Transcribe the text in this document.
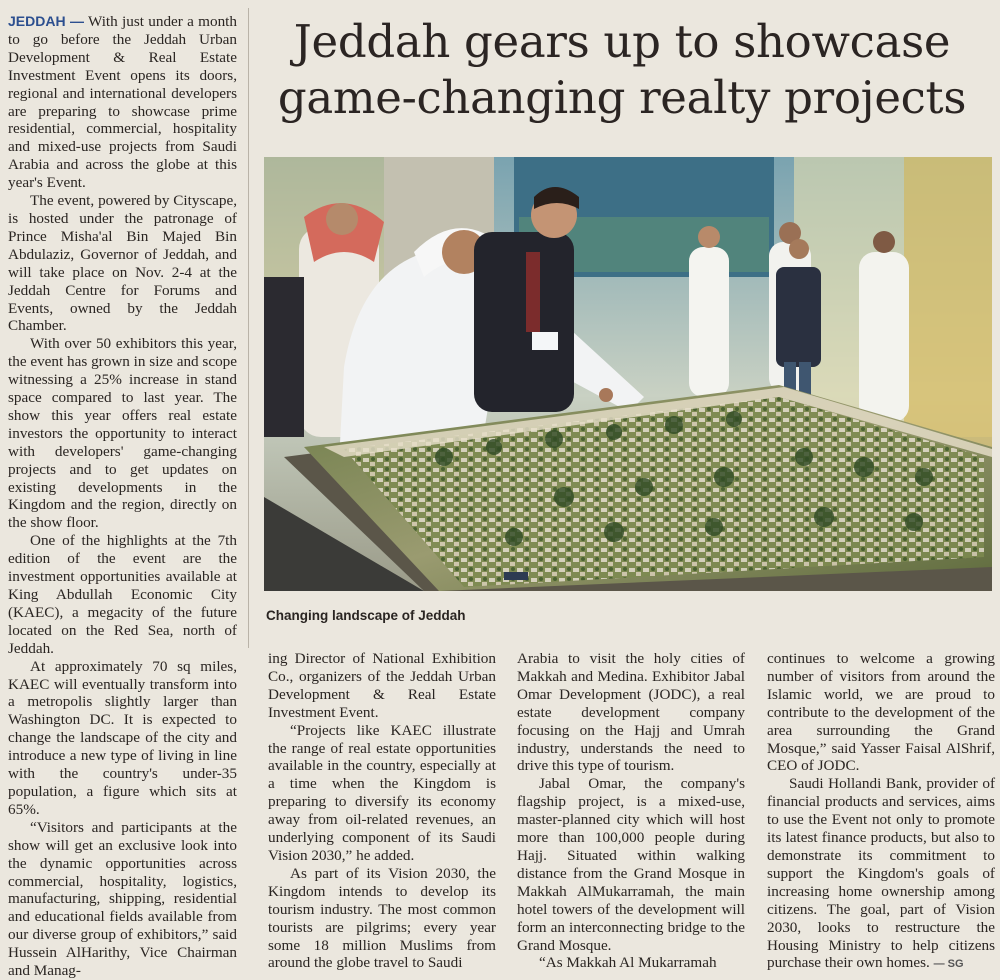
Jeddah gears up to showcase
game-changing realty projects
Changing landscape of Jeddah

JEDDAH — With just under a month to go before the Jeddah Urban Development & Real Estate Investment Event opens its doors, regional and international developers are preparing to showcase prime residential, commercial, hospitality and mixed-use projects from Saudi Arabia and across the globe at this year's Event.

The event, powered by Cityscape, is hosted under the patronage of Prince Misha'al Bin Majed Bin Abdulaziz, Governor of Jeddah, and will take place on Nov. 2-4 at the Jeddah Centre for Forums and Events, owned by the Jeddah Chamber.

With over 50 exhibitors this year, the event has grown in size and scope witnessing a 25% increase in stand space compared to last year. The show this year offers real estate investors the opportunity to interact with developers' game-changing projects and to get updates on existing developments in the Kingdom and the region, directly on the show floor.

One of the highlights at the 7th edition of the event are the investment opportunities available at King Abdullah Economic City (KAEC), a megacity of the future located on the Red Sea, north of Jeddah.

At approximately 70 sq miles, KAEC will eventually transform into a metropolis slightly larger than Washington DC. It is expected to change the landscape of the city and introduce a new type of living in line with the country's under-35 population, a figure which sits at 65%.

“Visitors and participants at the show will get an exclusive look into the dynamic opportunities across commercial, hospitality, logistics, manufacturing, shipping, residential and educational fields available from our diverse group of exhibitors,” said Hussein AlHarithy, Vice Chairman and Manag-

ing Director of National Exhibition Co., organizers of the Jeddah Urban Development & Real Estate Investment Event.

“Projects like KAEC illustrate the range of real estate opportunities available in the country, especially at a time when the Kingdom is preparing to diversify its economy away from oil-related revenues, an underlying component of its Saudi Vision 2030,” he added.

As part of its Vision 2030, the Kingdom intends to develop its tourism industry. The most common tourists are pilgrims; every year some 18 million Muslims from around the globe travel to Saudi

Arabia to visit the holy cities of Makkah and Medina. Exhibitor Jabal Omar Development (JODC), a real estate development company focusing on the Hajj and Umrah industry, understands the need to drive this type of tourism.

Jabal Omar, the company's flagship project, is a mixed-use, master-planned city which will host more than 100,000 people during Hajj. Situated within walking distance from the Grand Mosque in Makkah AlMukarramah, the main hotel towers of the development will form an interconnecting bridge to the Grand Mosque.

“As Makkah Al Mukarramah

continues to welcome a growing number of visitors from around the Islamic world, we are proud to contribute to the development of the area surrounding the Grand Mosque,” said Yasser Faisal AlShrif, CEO of JODC.

Saudi Hollandi Bank, provider of financial products and services, aims to use the Event not only to promote its latest finance products, but also to demonstrate its commitment to support the Kingdom's goals of increasing home ownership among citizens. The goal, part of Vision 2030, looks to restructure the Housing Ministry to help citizens purchase their own homes. — SG
